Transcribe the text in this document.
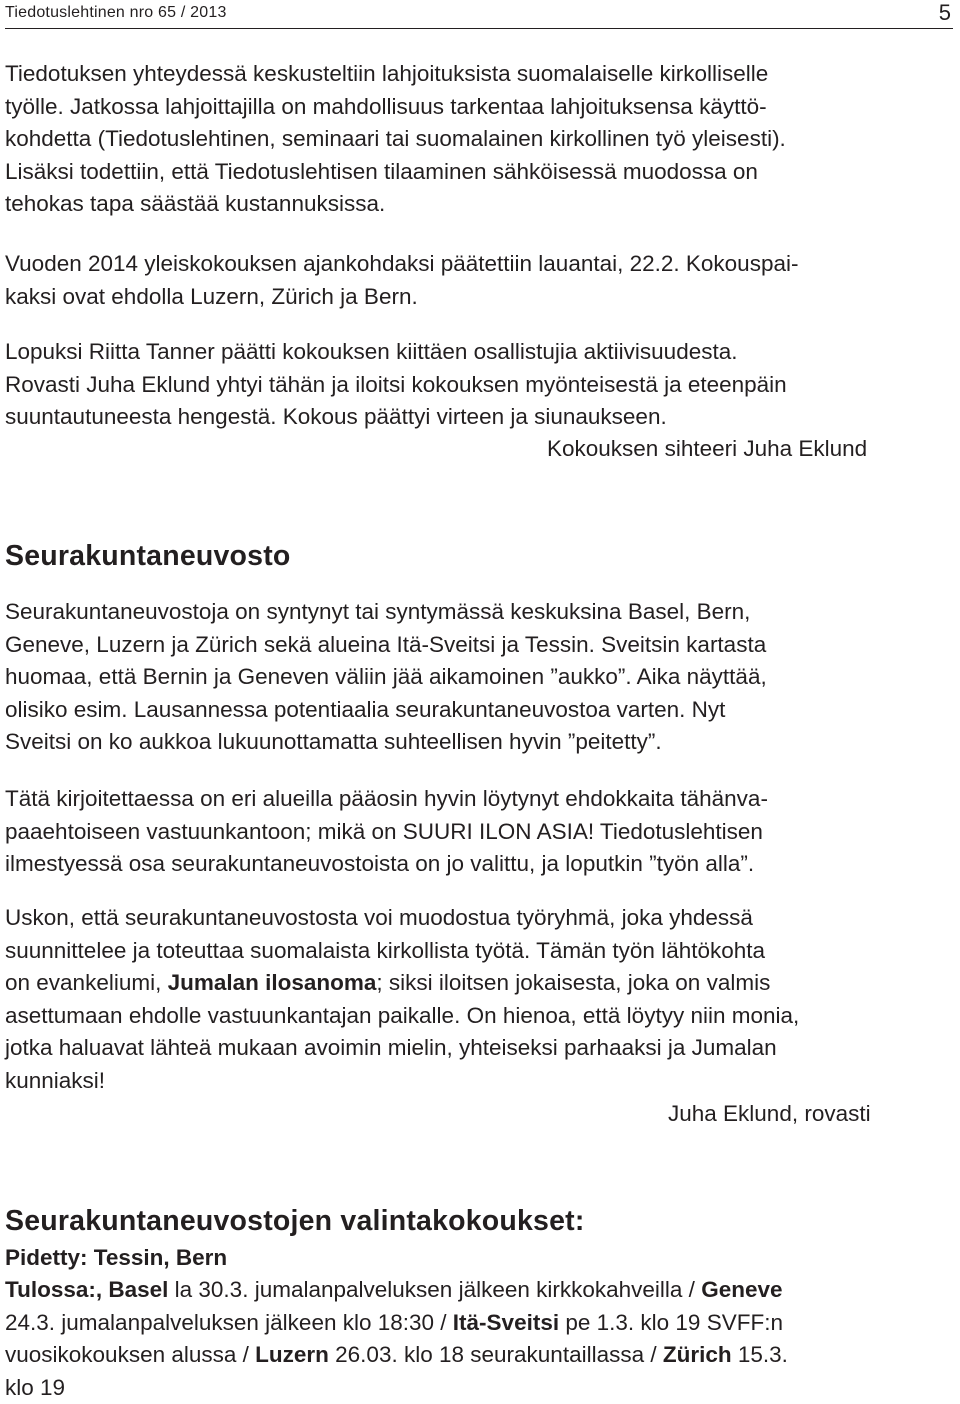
Tiedotuslehtinen nro 65 / 2013	5

Tiedotuksen yhteydessä keskusteltiin lahjoituksista suomalaiselle kirkolliselle
työlle. Jatkossa lahjoittajilla on mahdollisuus tarkentaa lahjoituksensa käyttö-
kohdetta (Tiedotuslehtinen, seminaari tai suomalainen kirkollinen työ yleisesti).
Lisäksi todettiin, että Tiedotuslehtisen tilaaminen sähköisessä muodossa on
tehokas tapa säästää kustannuksissa.

Vuoden 2014 yleiskokouksen ajankohdaksi päätettiin lauantai, 22.2. Kokouspai-
kaksi ovat ehdolla Luzern, Zürich ja Bern.

Lopuksi Riitta Tanner päätti kokouksen kiittäen osallistujia aktiivisuudesta.
Rovasti Juha Eklund yhtyi tähän ja iloitsi kokouksen myönteisestä ja eteenpäin
suuntautuneesta hengestä. Kokous päättyi virteen ja siunaukseen.

Kokouksen sihteeri Juha Eklund

Seurakuntaneuvosto

Seurakuntaneuvostoja on syntynyt tai syntymässä keskuksina Basel, Bern,
Geneve, Luzern ja Zürich sekä alueina Itä-Sveitsi ja Tessin. Sveitsin kartasta
huomaa, että Bernin ja Geneven väliin jää aikamoinen ”aukko”. Aika näyttää,
olisiko esim. Lausannessa potentiaalia seurakuntaneuvostoa varten. Nyt
Sveitsi on ko aukkoa lukuunottamatta suhteellisen hyvin ”peitetty”.

Tätä kirjoitettaessa on eri alueilla pääosin hyvin löytynyt ehdokkaita tähänva-
paaehtoiseen vastuunkantoon; mikä on SUURI ILON ASIA! Tiedotuslehtisen
ilmestyessä osa seurakuntaneuvostoista on jo valittu, ja loputkin ”työn alla”.

Uskon, että seurakuntaneuvostosta voi muodostua työryhmä, joka yhdessä
suunnittelee ja toteuttaa suomalaista kirkollista työtä. Tämän työn lähtökohta
on evankeliumi, Jumalan ilosanoma; siksi iloitsen jokaisesta, joka on valmis
asettumaan ehdolle vastuunkantajan paikalle. On hienoa, että löytyy niin monia,
jotka haluavat lähteä mukaan avoimin mielin, yhteiseksi parhaaksi ja Jumalan
kunniaksi!

Juha Eklund, rovasti

Seurakuntaneuvostojen valintakokoukset:

Pidetty: Tessin, Bern

Tulossa:, Basel la 30.3. jumalanpalveluksen jälkeen kirkkokahveilla / Geneve
24.3. jumalanpalveluksen jälkeen klo 18:30 / Itä-Sveitsi pe 1.3. klo 19 SVFF:n
vuosikokouksen alussa / Luzern 26.03. klo 18 seurakuntaillassa / Zürich 15.3.
klo 19
